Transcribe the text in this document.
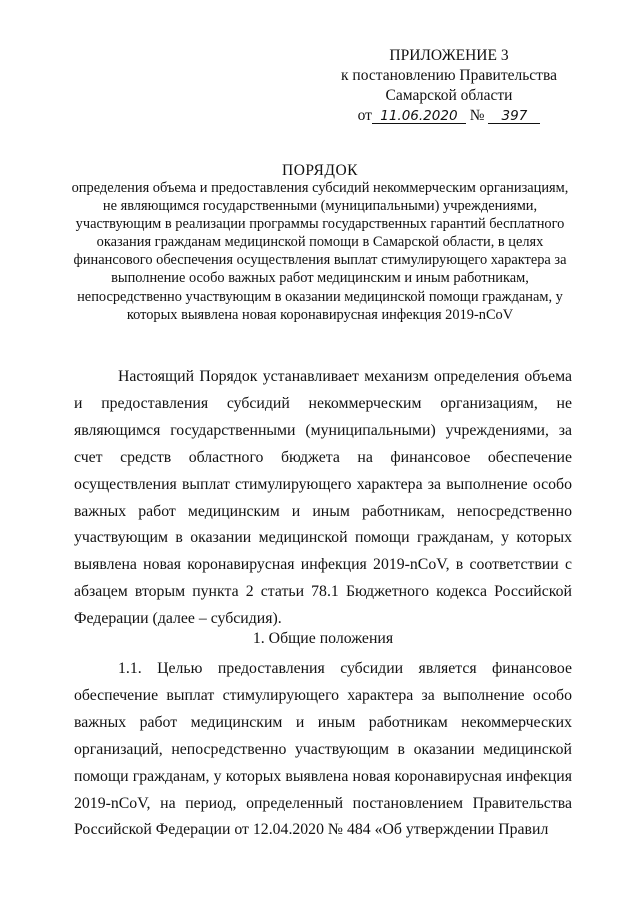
ПРИЛОЖЕНИЕ 3
к постановлению Правительства
Самарской области
от 11.06.2020 № 397
ПОРЯДОК
определения объема и предоставления субсидий некоммерческим организациям, не являющимся государственными (муниципальными) учреждениями, участвующим в реализации программы государственных гарантий бесплатного оказания гражданам медицинской помощи в Самарской области, в целях финансового обеспечения осуществления выплат стимулирующего характера за выполнение особо важных работ медицинским и иным работникам, непосредственно участвующим в оказании медицинской помощи гражданам, у которых выявлена новая коронавирусная инфекция 2019-nCoV
Настоящий Порядок устанавливает механизм определения объема и предоставления субсидий некоммерческим организациям, не являющимся государственными (муниципальными) учреждениями, за счет средств областного бюджета на финансовое обеспечение осуществления выплат стимулирующего характера за выполнение особо важных работ медицинским и иным работникам, непосредственно участвующим в оказании медицинской помощи гражданам, у которых выявлена новая коронавирусная инфекция 2019-nCoV, в соответствии с абзацем вторым пункта 2 статьи 78.1 Бюджетного кодекса Российской Федерации (далее – субсидия).
1. Общие положения
1.1. Целью предоставления субсидии является финансовое обеспечение выплат стимулирующего характера за выполнение особо важных работ медицинским и иным работникам некоммерческих организаций, непосредственно участвующим в оказании медицинской помощи гражданам, у которых выявлена новая коронавирусная инфекция 2019-nCoV, на период, определенный постановлением Правительства Российской Федерации от 12.04.2020 № 484 «Об утверждении Правил
